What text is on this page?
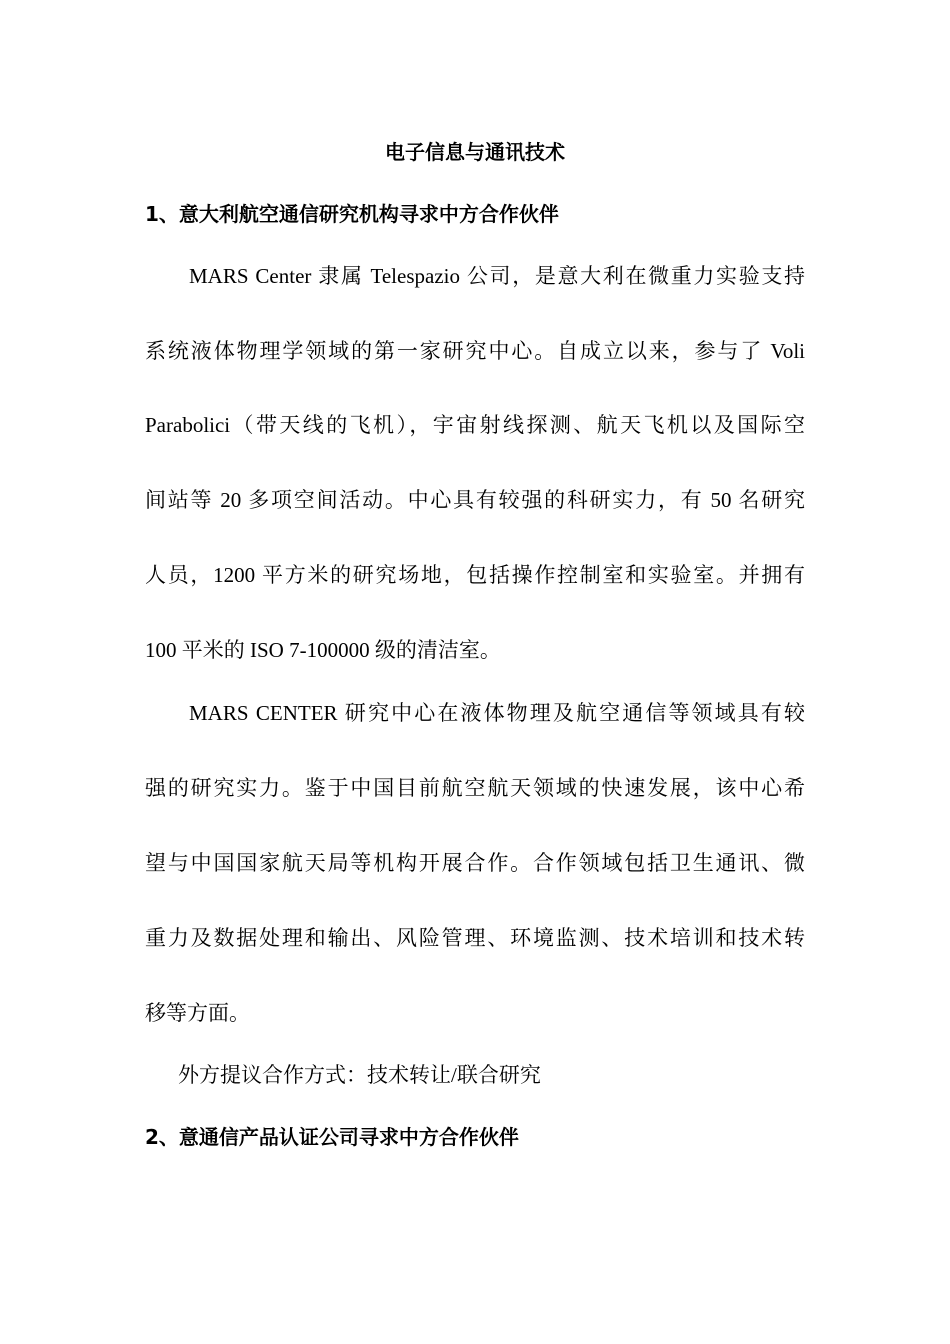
电子信息与通讯技术
1、意大利航空通信研究机构寻求中方合作伙伴
MARS Center 隶属 Telespazio 公司，是意大利在微重力实验支持
系统液体物理学领域的第一家研究中心。自成立以来，参与了 Voli
Parabolici（带天线的飞机），宇宙射线探测、航天飞机以及国际空
间站等 20 多项空间活动。中心具有较强的科研实力，有 50 名研究
人员，1200 平方米的研究场地，包括操作控制室和实验室。并拥有
100 平米的 ISO 7-100000 级的清洁室。
MARS CENTER 研究中心在液体物理及航空通信等领域具有较
强的研究实力。鉴于中国目前航空航天领域的快速发展，该中心希
望与中国国家航天局等机构开展合作。合作领域包括卫生通讯、微
重力及数据处理和输出、风险管理、环境监测、技术培训和技术转
移等方面。
外方提议合作方式：技术转让/联合研究
2、意通信产品认证公司寻求中方合作伙伴
